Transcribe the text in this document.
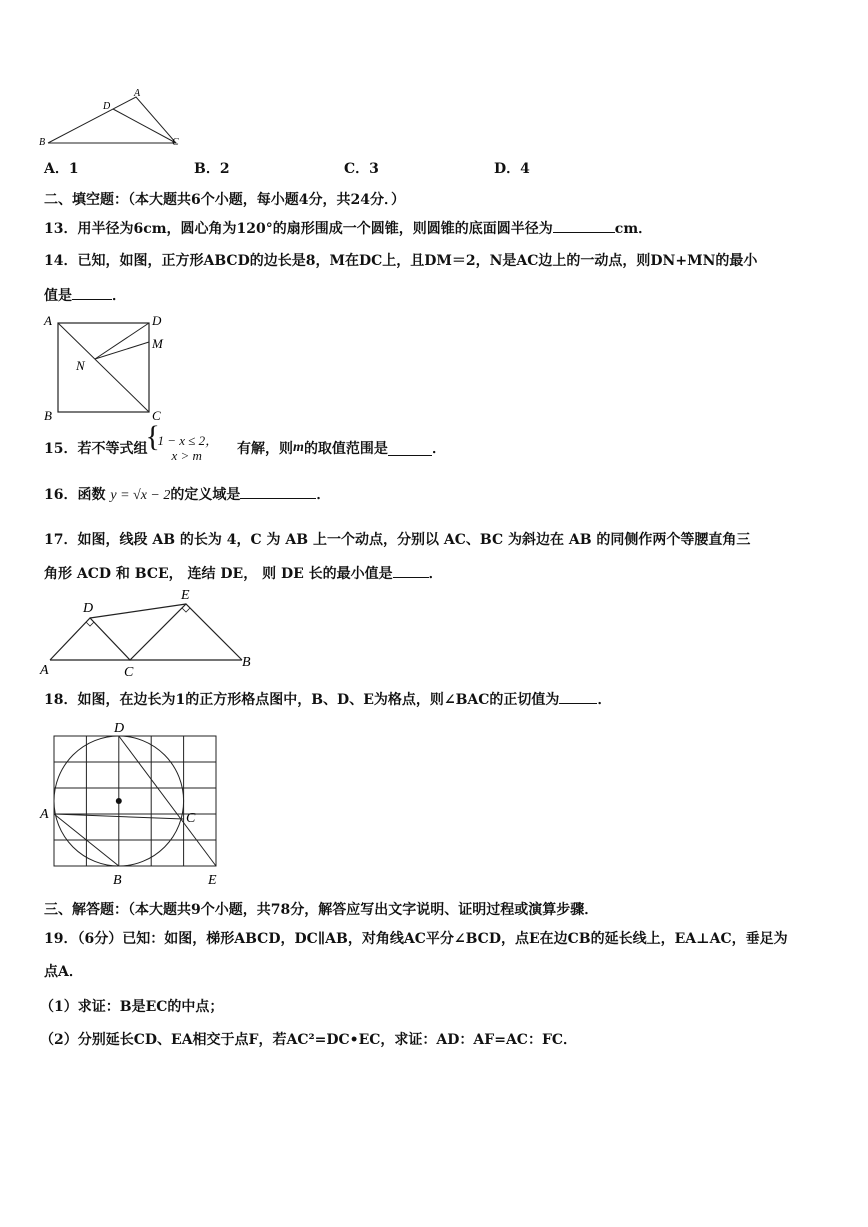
A
B	C
D
A．1	B．2	C．3	D．4
二、填空题：（本大题共6个小题，每小题4分，共24分．）
13．用半径为6cm，圆心角为120°的扇形围成一个圆锥，则圆锥的底面圆半径为	cm．
14．已知，如图，正方形ABCD的边长是8，M在DC上，且DM＝2，N是AC边上的一动点，则DN+MN的最小
值是	．
A	D
M
N
B	C
15．若不等式组
{ 1 − x ≤ 2，
x > m	有解，则m的取值范围是	．
16．函数 y = √x − 2的定义域是	．
17．如图，线段 AB 的长为 4，C 为 AB 上一个动点，分别以 AC、BC 为斜边在 AB 的同侧作两个等腰直角三
角形 ACD 和 BCE， 连结 DE， 则 DE 长的最小值是	．
D
E
A	C
B
18．如图，在边长为1的正方形格点图中，B、D、E为格点，则∠BAC的正切值为	．
D
A	C
B	E
三、解答题：（本大题共9个小题，共78分，解答应写出文字说明、证明过程或演算步骤．
19．（6分）已知：如图，梯形ABCD，DC∥AB，对角线AC平分∠BCD，点E在边CB的延长线上，EA⊥AC，垂足为
点A．
（1）求证：B是EC的中点；
（2）分别延长CD、EA相交于点F，若AC²=DC•EC，求证：AD：AF=AC：FC．
